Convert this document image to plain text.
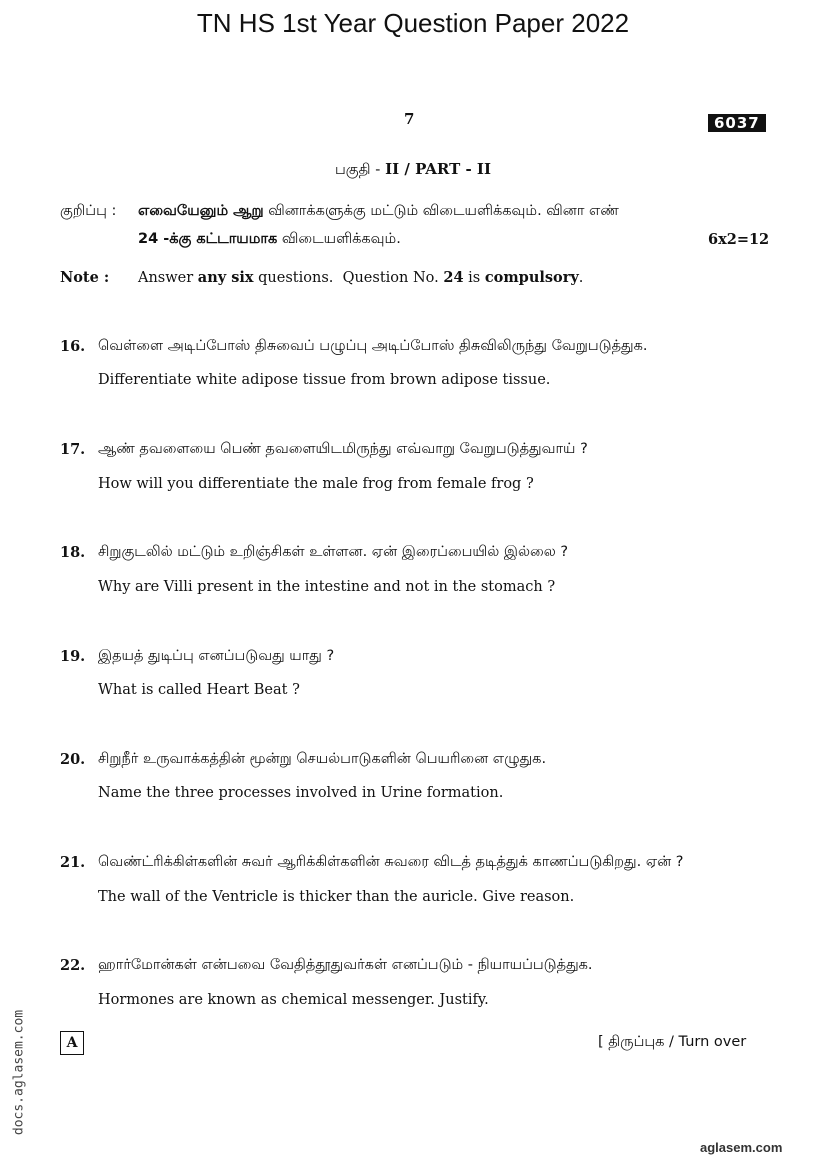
TN HS 1st Year Question Paper 2022
7	6037
பகுதி - II / PART - II
குறிப்பு : எவையேனும் ஆறு வினாக்களுக்கு மட்டும் விடையளிக்கவும். வினா எண்
24 -க்கு கட்டாயமாக விடையளிக்கவும்.	6x2=12
Note : Answer any six questions.  Question No. 24 is compulsory.
16. வெள்ளை அடிப்போஸ் திசுவைப் பழுப்பு அடிப்போஸ் திசுவிலிருந்து வேறுபடுத்துக.
Differentiate white adipose tissue from brown adipose tissue.
17. ஆண் தவளையை பெண் தவளையிடமிருந்து எவ்வாறு வேறுபடுத்துவாய் ?
How will you differentiate the male frog from female frog ?
18. சிறுகுடலில் மட்டும் உறிஞ்சிகள் உள்ளன. ஏன் இரைப்பையில் இல்லை ?
Why are Villi present in the intestine and not in the stomach ?
19. இதயத் துடிப்பு எனப்படுவது யாது ?
What is called Heart Beat ?
20. சிறுநீர் உருவாக்கத்தின் மூன்று செயல்பாடுகளின் பெயரினை எழுதுக.
Name the three processes involved in Urine formation.
21. வெண்ட்ரிக்கிள்களின் சுவர் ஆரிக்கிள்களின் சுவரை விடத் தடித்துக் காணப்படுகிறது. ஏன் ?
The wall of the Ventricle is thicker than the auricle. Give reason.
22. ஹார்மோன்கள் என்பவை வேதித்தூதுவர்கள் எனப்படும் - நியாயப்படுத்துக.
Hormones are known as chemical messenger. Justify.
A	[ திருப்புக / Turn over
docs.aglasem.com
aglasem.com
